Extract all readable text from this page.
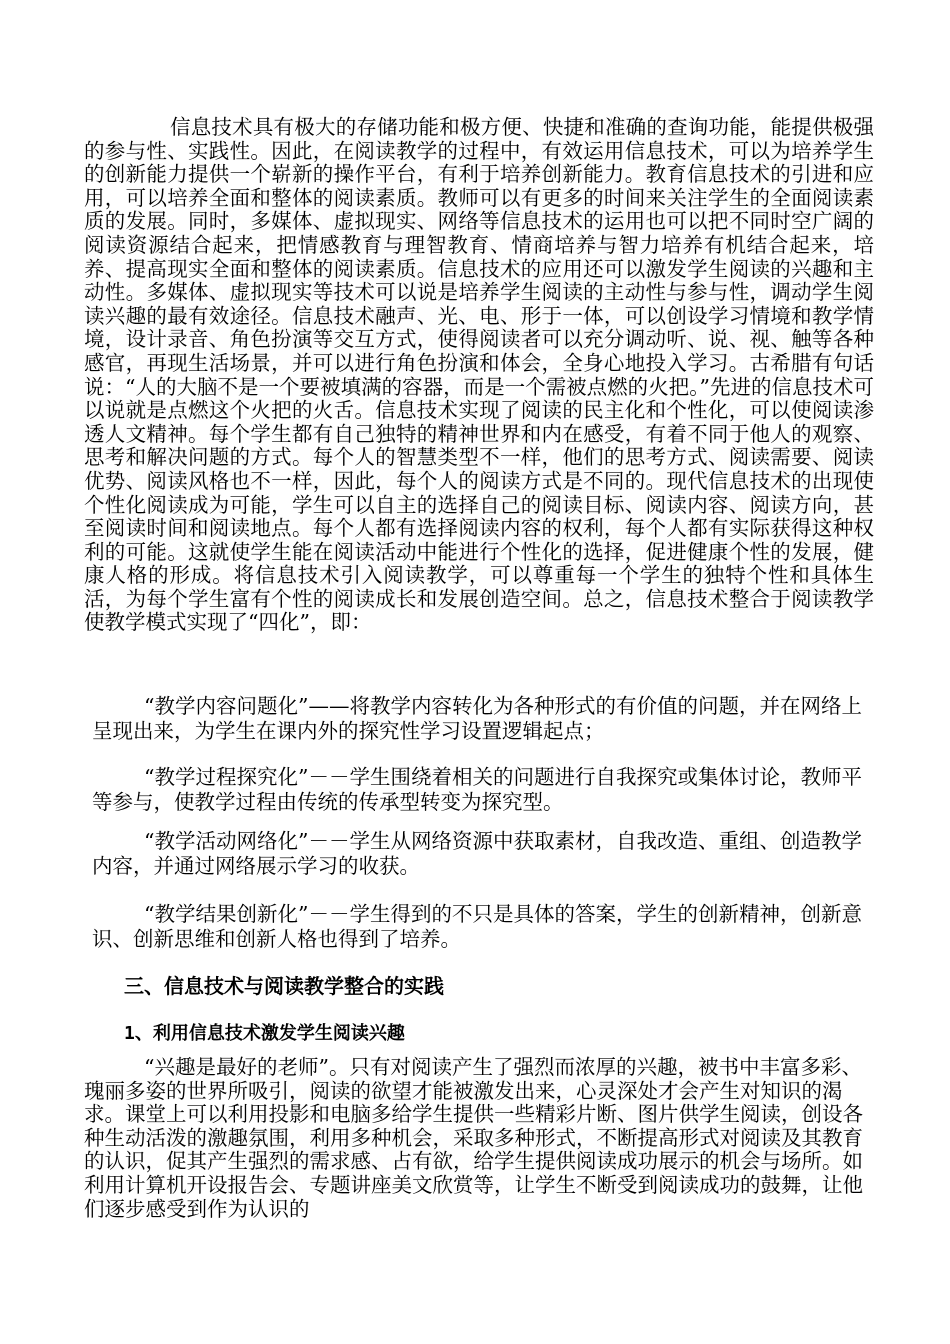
信息技术具有极大的存储功能和极方便、快捷和准确的查询功能，能提供极强的参与性、实践性。因此，在阅读教学的过程中，有效运用信息技术，可以为培养学生的创新能力提供一个崭新的操作平台，有利于培养创新能力。教育信息技术的引进和应用，可以培养全面和整体的阅读素质。教师可以有更多的时间来关注学生的全面阅读素质的发展。同时，多媒体、虚拟现实、网络等信息技术的运用也可以把不同时空广阔的阅读资源结合起来，把情感教育与理智教育、情商培养与智力培养有机结合起来，培养、提高现实全面和整体的阅读素质。信息技术的应用还可以激发学生阅读的兴趣和主动性。多媒体、虚拟现实等技术可以说是培养学生阅读的主动性与参与性，调动学生阅读兴趣的最有效途径。信息技术融声、光、电、形于一体，可以创设学习情境和教学情境，设计录音、角色扮演等交互方式，使得阅读者可以充分调动听、说、视、触等各种感官，再现生活场景，并可以进行角色扮演和体会，全身心地投入学习。古希腊有句话说：“人的大脑不是一个要被填满的容器，而是一个需被点燃的火把。”先进的信息技术可以说就是点燃这个火把的火舌。信息技术实现了阅读的民主化和个性化，可以使阅读渗透人文精神。每个学生都有自己独特的精神世界和内在感受，有着不同于他人的观察、思考和解决问题的方式。每个人的智慧类型不一样，他们的思考方式、阅读需要、阅读优势、阅读风格也不一样，因此，每个人的阅读方式是不同的。现代信息技术的出现使个性化阅读成为可能，学生可以自主的选择自己的阅读目标、阅读内容、阅读方向，甚至阅读时间和阅读地点。每个人都有选择阅读内容的权利，每个人都有实际获得这种权利的可能。这就使学生能在阅读活动中能进行个性化的选择，促进健康个性的发展，健康人格的形成。将信息技术引入阅读教学，可以尊重每一个学生的独特个性和具体生活，为每个学生富有个性的阅读成长和发展创造空间。总之，信息技术整合于阅读教学使教学模式实现了“四化”，即：

“教学内容问题化”——将教学内容转化为各种形式的有价值的问题，并在网络上呈现出来，为学生在课内外的探究性学习设置逻辑起点；

“教学过程探究化”－－学生围绕着相关的问题进行自我探究或集体讨论，教师平等参与，使教学过程由传统的传承型转变为探究型。

“教学活动网络化”－－学生从网络资源中获取素材，自我改造、重组、创造教学内容，并通过网络展示学习的收获。

“教学结果创新化”－－学生得到的不只是具体的答案，学生的创新精神，创新意识、创新思维和创新人格也得到了培养。

三、信息技术与阅读教学整合的实践
1、利用信息技术激发学生阅读兴趣

“兴趣是最好的老师”。只有对阅读产生了强烈而浓厚的兴趣，被书中丰富多彩、瑰丽多姿的世界所吸引，阅读的欲望才能被激发出来，心灵深处才会产生对知识的渴求。课堂上可以利用投影和电脑多给学生提供一些精彩片断、图片供学生阅读，创设各种生动活泼的激趣氛围，利用多种机会，采取多种形式，不断提高形式对阅读及其教育的认识，促其产生强烈的需求感、占有欲，给学生提供阅读成功展示的机会与场所。如利用计算机开设报告会、专题讲座美文欣赏等，让学生不断受到阅读成功的鼓舞，让他们逐步感受到作为认识的
